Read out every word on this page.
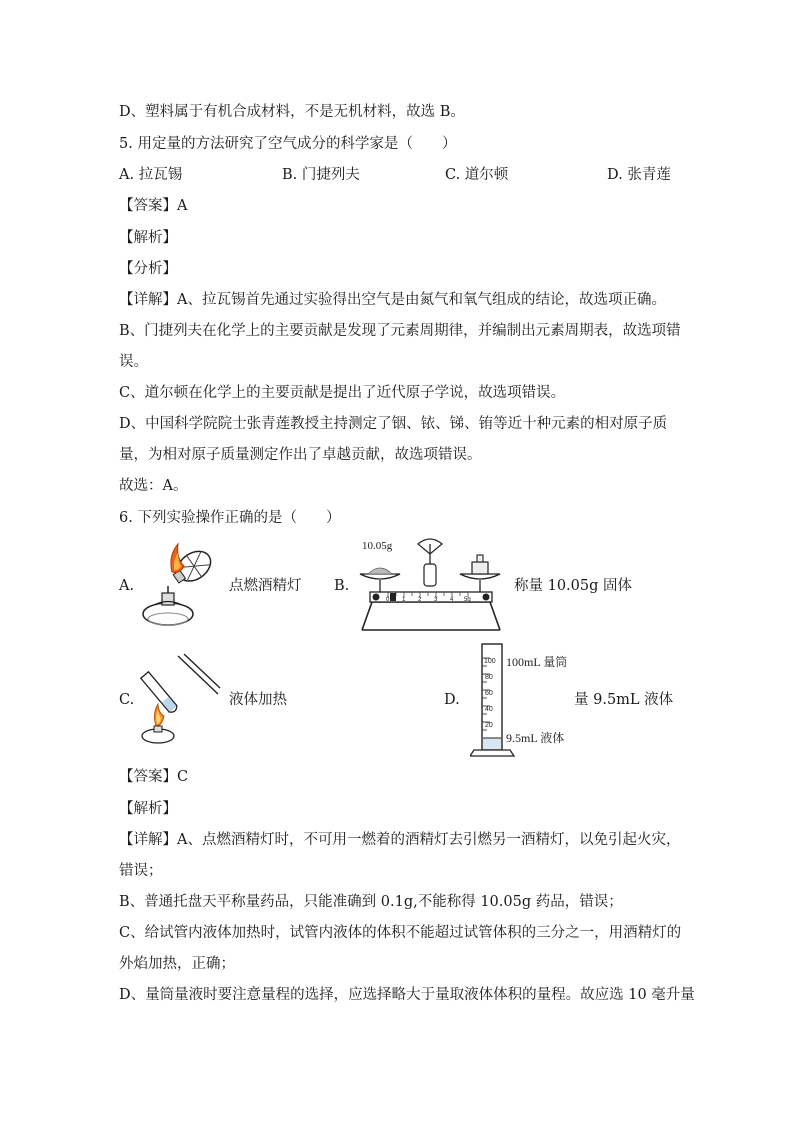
D、塑料属于有机合成材料，不是无机材料，故选 B。
5. 用定量的方法研究了空气成分的科学家是（　　）
A. 拉瓦锡	B. 门捷列夫	C. 道尔顿	D. 张青莲
【答案】A
【解析】
【分析】
【详解】A、拉瓦锡首先通过实验得出空气是由氮气和氧气组成的结论，故选项正确。
B、门捷列夫在化学上的主要贡献是发现了元素周期律，并编制出元素周期表，故选项错
误。
C、道尔顿在化学上的主要贡献是提出了近代原子学说，故选项错误。
D、中国科学院院士张青莲教授主持测定了铟、铱、锑、铕等近十种元素的相对原子质
量，为相对原子质量测定作出了卓越贡献，故选项错误。
故选：A。
6. 下列实验操作正确的是（　　）
A.	点燃酒精灯 B.
10.05g
0 1 2 3 4 5g
称量 10.05g 固体
C.	液体加热	D.
100
80
60
40
20
100mL 量筒
9.5mL 液体
量 9.5mL 液体
【答案】C
【解析】
【详解】A、点燃酒精灯时，不可用一燃着的酒精灯去引燃另一酒精灯，以免引起火灾，
错误；
B、普通托盘天平称量药品，只能准确到 0.1g,不能称得 10.05g 药品，错误；
C、给试管内液体加热时，试管内液体的体积不能超过试管体积的三分之一，用酒精灯的
外焰加热，正确；
D、量筒量液时要注意量程的选择，应选择略大于量取液体体积的量程。故应选 10 毫升量
